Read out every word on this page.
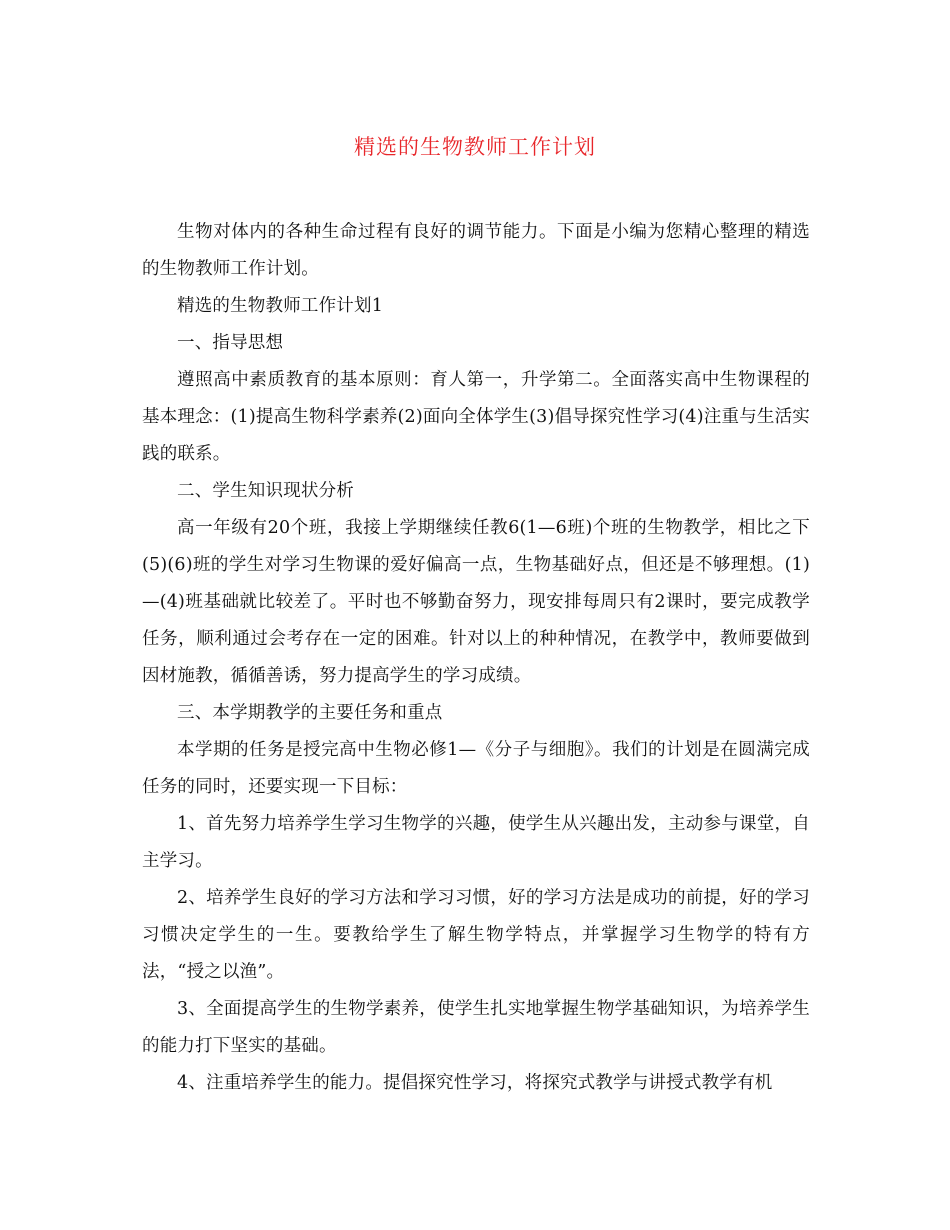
精选的生物教师工作计划

生物对体内的各种生命过程有良好的调节能力。下面是小编为您精心整理的精选的生物教师工作计划。

精选的生物教师工作计划1

一、指导思想

遵照高中素质教育的基本原则：育人第一，升学第二。全面落实高中生物课程的基本理念：(1)提高生物科学素养(2)面向全体学生(3)倡导探究性学习(4)注重与生活实践的联系。

二、学生知识现状分析

高一年级有20个班，我接上学期继续任教6(1—6班)个班的生物教学，相比之下(5)(6)班的学生对学习生物课的爱好偏高一点，生物基础好点，但还是不够理想。(1)—(4)班基础就比较差了。平时也不够勤奋努力，现安排每周只有2课时，要完成教学任务，顺利通过会考存在一定的困难。针对以上的种种情况，在教学中，教师要做到因材施教，循循善诱，努力提高学生的学习成绩。

三、本学期教学的主要任务和重点

本学期的任务是授完高中生物必修1—《分子与细胞》。我们的计划是在圆满完成任务的同时，还要实现一下目标：

1、首先努力培养学生学习生物学的兴趣，使学生从兴趣出发，主动参与课堂，自主学习。

2、培养学生良好的学习方法和学习习惯，好的学习方法是成功的前提，好的学习习惯决定学生的一生。要教给学生了解生物学特点，并掌握学习生物学的特有方法，“授之以渔”。

3、全面提高学生的生物学素养，使学生扎实地掌握生物学基础知识，为培养学生的能力打下坚实的基础。

4、注重培养学生的能力。提倡探究性学习，将探究式教学与讲授式教学有机
